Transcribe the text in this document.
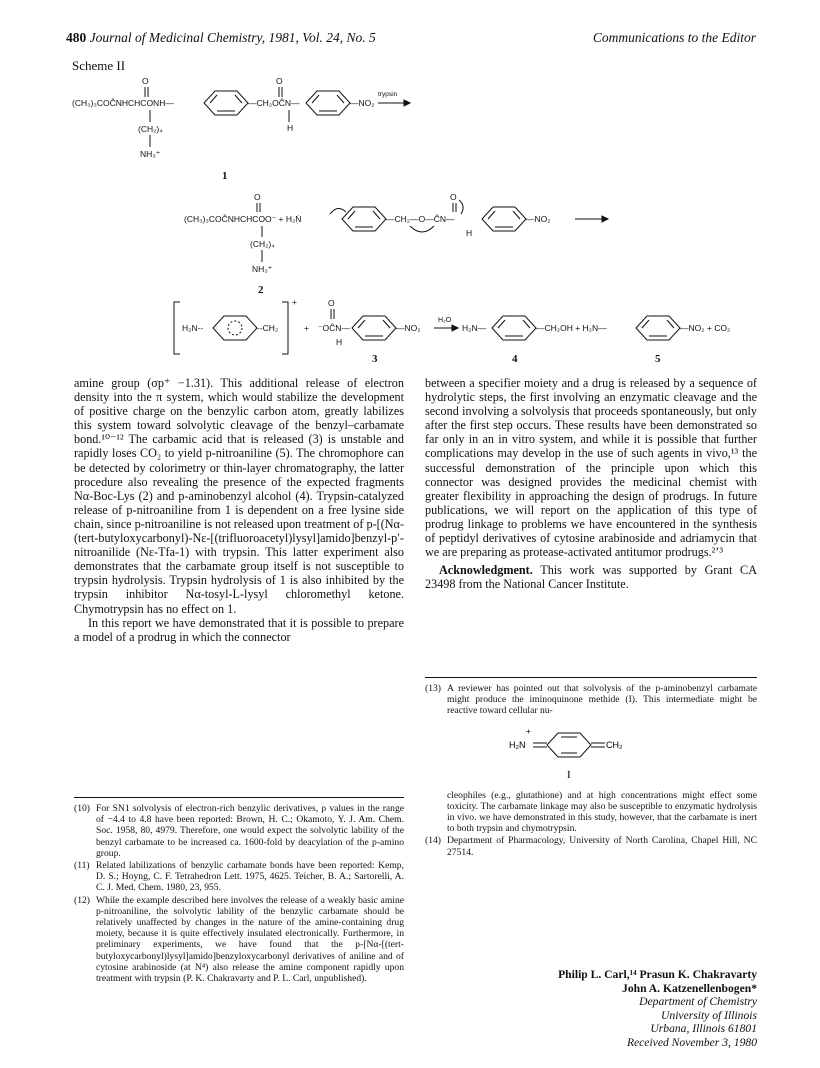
480 Journal of Medicinal Chemistry, 1981, Vol. 24, No. 5	Communications to the Editor
Scheme II
O
(CH₃)₃COĈNHCHCONH—	—CH₂OĈN—
O
H
—NO₂
trypsin
(CH₂)₄
NH₃⁺
1
O
(CH₃)₃COĈNHCHCOO⁻ + H₂Ṅ	—CH₂—O—ĈN—
O
H
—NO₂
(CH₂)₄
NH₃⁺
2
+
H₂N--	--CH₂	+
O
⁻OĈN—
H
—NO₂
H₂O
H₂N—	—CH₂OH + H₂N—	—NO₂ + CO₂
3	4	5

amine group (σp⁺ −1.31). This additional release of electron density into the π system, which would stabilize the development of positive charge on the benzylic carbon atom, greatly labilizes this system toward solvolytic cleavage of the benzyl–carbamate bond.¹⁰⁻¹² The carbamic acid that is released (3) is unstable and rapidly loses CO₂ to yield p-nitroaniline (5). The chromophore can be detected by colorimetry or thin-layer chromatography, the latter procedure also revealing the presence of the expected fragments Nα-Boc-Lys (2) and p-aminobenzyl alcohol (4). Trypsin-catalyzed release of p-nitroaniline from 1 is dependent on a free lysine side chain, since p-nitroaniline is not released upon treatment of p-[(Nα-(tert-butyloxycarbonyl)-Nε-[(trifluoroacetyl)lysyl]amido]benzyl-p′-nitroanilide (Nε-Tfa-1) with trypsin. This latter experiment also demonstrates that the carbamate group itself is not susceptible to trypsin hydrolysis. Trypsin hydrolysis of 1 is also inhibited by the trypsin inhibitor Nα-tosyl-L-lysyl chloromethyl ketone. Chymotrypsin has no effect on 1.

In this report we have demonstrated that it is possible to prepare a model of a prodrug in which the connector

(10) For SN1 solvolysis of electron-rich benzylic derivatives, ρ values in the range of −4.4 to 4.8 have been reported: Brown, H. C.; Okamoto, Y. J. Am. Chem. Soc. 1958, 80, 4979. Therefore, one would expect the solvolytic lability of the benzyl carbamate to be increased ca. 1600-fold by deacylation of the p-amino group.
(11) Related labilizations of benzylic carbamate bonds have been reported: Kemp, D. S.; Hoyng, C. F. Tetrahedron Lett. 1975, 4625. Teicher, B. A.; Sartorelli, A. C. J. Med. Chem. 1980, 23, 955.
(12) While the example described here involves the release of a weakly basic amine p-nitroaniline, the solvolytic lability of the benzylic carbamate should be relatively unaffected by changes in the nature of the amine-containing drug moiety, because it is quite effectively insulated electronically. Furthermore, in preliminary experiments, we have found that the p-[Nα-[(tert-butyloxycarbonyl)lysyl]amido]benzyloxycarbonyl derivatives of aniline and of cytosine arabinoside (at N⁴) also release the amine component rapidly upon treatment with trypsin (P. K. Chakravarty and P. L. Carl, unpublished).

between a specifier moiety and a drug is released by a sequence of hydrolytic steps, the first involving an enzymatic cleavage and the second involving a solvolysis that proceeds spontaneously, but only after the first step occurs. These results have been demonstrated so far only in an in vitro system, and while it is possible that further complications may develop in the use of such agents in vivo,¹³ the successful demonstration of the principle upon which this connector was designed provides the medicinal chemist with greater flexibility in approaching the design of prodrugs. In future publications, we will report on the application of this type of prodrug linkage to problems we have encountered in the synthesis of peptidyl derivatives of cytosine arabinoside and adriamycin that we are preparing as protease-activated antitumor prodrugs.²ʼ³

Acknowledgment. This work was supported by Grant CA 23498 from the National Cancer Institute.

(13) A reviewer has pointed out that solvolysis of the p-aminobenzyl carbamate might produce the iminoquinone methide (I). This intermediate might be reactive toward cellular nu-
+
H₂N	CH₂
I
cleophiles (e.g., glutathione) and at high concentrations might effect some toxicity. The carbamate linkage may also be susceptible to enzymatic hydrolysis in vivo. we have demonstrated in this study, however, that the carbamate is inert to both trypsin and chymotrypsin.
(14) Department of Pharmacology, University of North Carolina, Chapel Hill, NC 27514.
Philip L. Carl,¹⁴ Prasun K. Chakravarty
John A. Katzenellenbogen*
Department of Chemistry
University of Illinois
Urbana, Illinois 61801
Received November 3, 1980
